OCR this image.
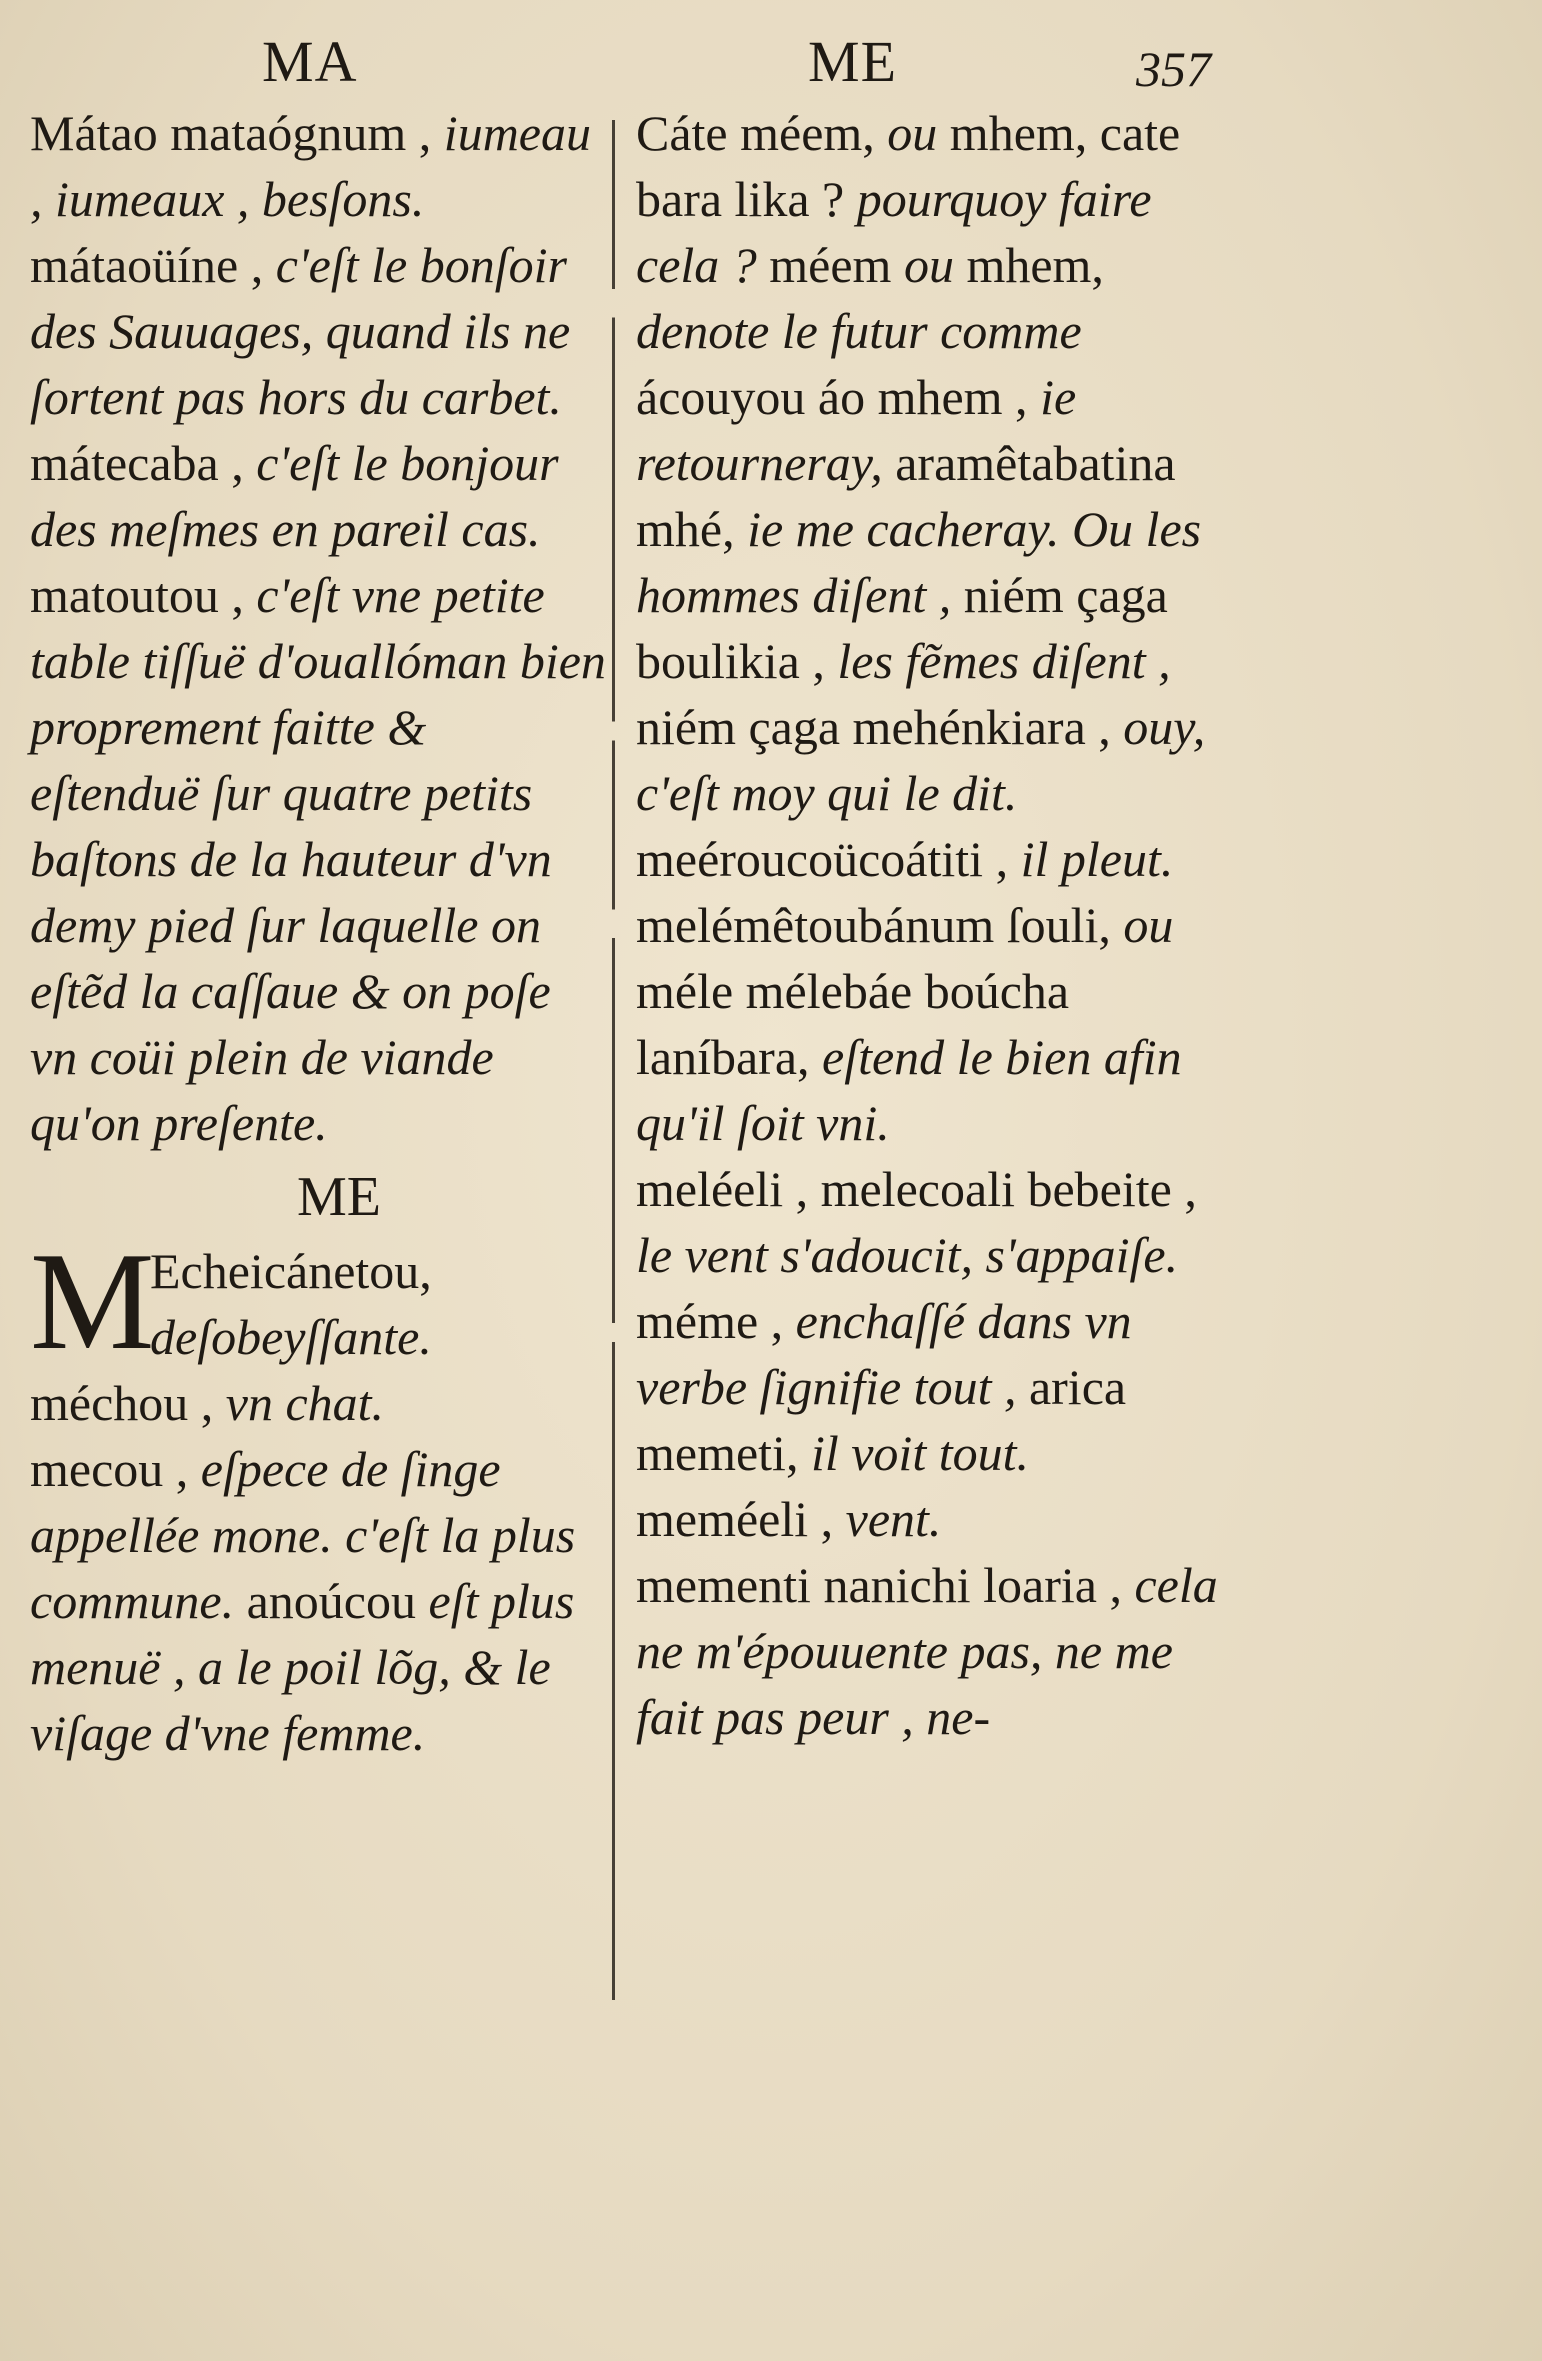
MA	ME	357
Mátao mataógnum , iumeau , iumeaux , besſons.
mátaoüíne , c'eſt le bonſoir des Sauuages, quand ils ne ſortent pas hors du carbet.
mátecaba , c'eſt le bonjour des meſmes en pareil cas.
matoutou , c'eſt vne petite table tiſſuë d'ouallóman bien proprement faitte & eſtenduë ſur quatre petits baſtons de la hauteur d'vn demy pied ſur laquelle on eſtẽd la caſſaue & on poſe vn coüi plein de viande qu'on preſente.
ME
M
Echeicánetou, deſobeyſſante.
méchou , vn chat.
mecou , eſpece de ſinge appellée mone. c'eſt la plus commune. anoúcou eſt plus menuë , a le poil lõg, & le viſage d'vne femme.
Cáte méem, ou mhem, cate bara lika ? pourquoy faire cela ? méem ou mhem, denote le futur comme ácouyou áo mhem , ie retourneray, aramêtabatina mhé, ie me cacheray. Ou les hommes diſent , niém çaga boulikia , les fẽmes diſent , niém çaga mehénkiara , ouy, c'eſt moy qui le dit.
meéroucoücoátiti , il pleut.
melémêtoubánum ſouli, ou méle mélebáe boúcha laníbara, eſtend le bien afin qu'il ſoit vni.
meléeli , melecoali bebeite , le vent s'adoucit, s'appaiſe.
méme , enchaſſé dans vn verbe ſignifie tout , arica memeti, il voit tout.
meméeli , vent.
mementi nanichi loaria , cela ne m'épouuente pas, ne me fait pas peur , ne-
